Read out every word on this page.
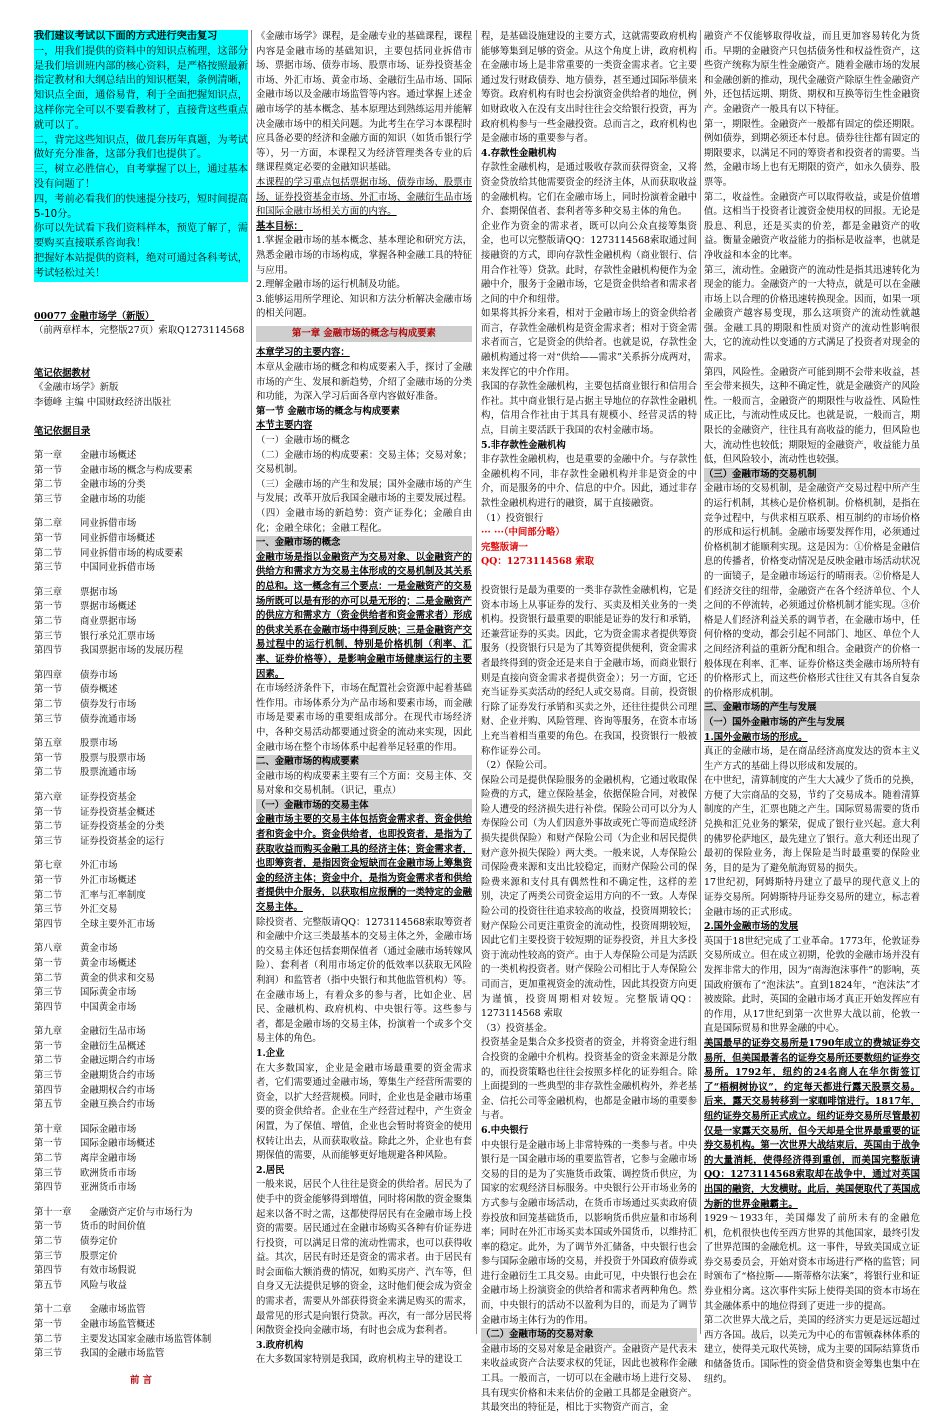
我们建议考试以下面的方式进行突击复习

一，用我们提供的资料中的知识点梳理，这部分是我们培训班内部的核心资料，是严格按照最新指定教材和大纲总结出的知识框架，条例清晰，知识点全面，通俗易背，利于全面把握知识点，这样你完全可以不要看教材了，直接背这些重点就可以了。

二，背完这些知识点，做几套历年真题，为考试做好充分准备，这部分我们也提供了。

三，树立必胜信心，自考掌握了以上，通过基本没有问题了！

四，考前必看我们的快速提分技巧，短时间提高5-10分。

你可以先试看下我们资料样本，预览了解了，需要购买直接联系咨询我！

把握好本站提供的资料，绝对可通过各科考试，考试轻松过关！

00077 金融市场学（新版）

（前两章样本，完整版27页）索取Q1273114568

笔记依据教材

《金融市场学》新版

李德峰 主编 中国财政经济出版社

笔记依据目录

第一章      金融市场概述
第一节      金融市场的概念与构成要素
第二节      金融市场的分类
第三节      金融市场的功能
第二章      同业拆借市场
第一节      同业拆借市场概述
第二节      同业拆借市场的构成要素
第三节      中国同业拆借市场
第三章      票据市场
第一节      票据市场概述
第二节      商业票据市场
第三节      银行承兑汇票市场
第四节      我国票据市场的发展历程
第四章      债券市场
第一节      债券概述
第二节      债券发行市场
第三节      债券流通市场
第五章      股票市场
第一节      股票与股票市场
第二节      股票流通市场
第六章      证券投资基金
第一节      证券投资基金概述
第二节      证券投资基金的分类
第三节      证券投资基金的运行
第七章      外汇市场
第一节      外汇市场概述
第二节      汇率与汇率制度
第三节      外汇交易
第四节      全球主要外汇市场
第八章      黄金市场
第一节      黄金市场概述
第二节      黄金的供求和交易
第三节      国际黄金市场
第四节      中国黄金市场
第九章      金融衍生品市场
第一节      金融衍生品概述
第二节      金融远期合约市场
第三节      金融期货合约市场
第四节      金融期权合约市场
第五节      金融互换合约市场
第十章      国际金融市场
第一节      国际金融市场概述
第二节      离岸金融市场
第三节      欧洲货币市场
第四节      亚洲货币市场
第十一章      金融资产定价与市场行为
第一节      货币的时间价值
第二节      债券定价
第三节      股票定价
第四节      有效市场假说
第五节      风险与收益
第十二章      金融市场监管
第一节      金融市场监管概述
第二节      主要发达国家金融市场监管体制
第三节      我国的金融市场监管
前 言

《金融市场学》课程，是金融专业的基础课程，课程内容是金融市场的基础知识，主要包括同业拆借市场、票据市场、债券市场、股票市场、证券投资基金市场、外汇市场、黄金市场、金融衍生品市场、国际金融市场以及金融市场监管等内容。通过掌握上述金融市场学的基本概念、基本原理达到熟练运用并能解决金融市场中的相关问题。为此考生在学习本课程时应具备必要的经济和金融方面的知识（如货币银行学等），另一方面，本课程又为经济管理类各专业的后继课程奠定必要的金融知识基础。

本课程的学习重点包括票据市场、债券市场、股票市场、证券投资基金市场、外汇市场、金融衍生品市场和国际金融市场相关方面的内容。

基本目标：

1.掌握金融市场的基本概念、基本理论和研究方法，熟悉金融市场的市场构成，掌握各种金融工具的特征与应用。

2.理解金融市场的运行机制及功能。

3.能够运用所学理论、知识和方法分析解决金融市场的相关问题。

第一章 金融市场的概念与构成要素

本章学习的主要内容：

本章从金融市场的概念和构成要素入手，探讨了金融市场的产生、发展和新趋势，介绍了金融市场的分类和功能，为深入学习后面各章内容做好准备。

第一节 金融市场的概念与构成要素

本节主要内容

（一）金融市场的概念

（二）金融市场的构成要素：交易主体；交易对象；交易机制。

（三）金融市场的产生和发展；国外金融市场的产生与发展；改革开放后我国金融市场的主要发展过程。

（四）金融市场的新趋势：资产证券化；金融自由化；金融全球化；金融工程化。

一、金融市场的概念

金融市场是指以金融资产为交易对象、以金融资产的供给方和需求方为交易主体形成的交易机制及其关系的总和。这一概念有三个要点：一是金融资产的交易场所既可以是有形的亦可以是无形的；二是金融资产的供应方和需求方（资金供给者和资金需求者）形成的供求关系在金融市场中得到反映；三是金融资产交易过程中的运行机制，特别是价格机制（利率、汇率、证券价格等），是影响金融市场健康运行的主要因素。

在市场经济条件下，市场在配置社会资源中起着基础性作用。市场体系分为产品市场和要素市场，而金融市场是要素市场的重要组成部分。在现代市场经济中，各种交易活动都要通过资金的流动来实现，因此金融市场在整个市场体系中起着举足轻重的作用。

二、金融市场的构成要素

金融市场的构成要素主要有三个方面：交易主体、交易对象和交易机制。（识记，重点）

（一）金融市场的交易主体

金融市场主要的交易主体包括资金需求者、资金供给者和资金中介。资金供给者，也即投资者，是指为了获取收益而购买金融工具的经济主体；资金需求者，也即筹资者，是指因资金短缺而在金融市场上筹集资金的经济主体；资金中介，是指为资金需求者和供给者提供中介服务，以获取相应报酬的一类特定的金融交易主体。

除投资者、完整版请QQ：1273114568索取筹资者和金融中介这三类最基本的交易主体之外，金融市场的交易主体还包括套期保值者（通过金融市场转嫁风险）、套利者（利用市场定价的低效率以获取无风险利润）和监管者（指中央银行和其他监管机构）等。

在金融市场上，有着众多的参与者，比如企业、居民、金融机构、政府机构、中央银行等。这些参与者，都是金融市场的交易主体，扮演着一个或多个交易主体的角色。

1.企业

在大多数国家，企业是金融市场最重要的资金需求者，它们需要通过金融市场，筹集生产经营所需要的资金，以扩大经营规模。同时，企业也是金融市场重要的资金供给者。企业在生产经营过程中，产生资金闲置，为了保值、增值，企业也会暂时将资金的使用权转让出去，从而获取收益。除此之外，企业也有套期保值的需要，从而能够更好地规避各种风险。

2.居民

一般来说，居民个人往往是资金的供给者。居民为了使手中的资金能够得到增值，同时将闲散的资金聚集起来以备不时之需，这都使得居民有在金融市场上投资的需要。居民通过在金融市场购买各种有价证券进行投资，可以满足日常的流动性需求，也可以获得收益。其次，居民有时还是资金的需求者。由于居民有时会面临大额消费的情况，如购买房产、汽车等，但自身又无法提供足够的资金，这时他们便会成为资金的需求者，需要从外部获得资金来满足购买的需求，最常见的形式是向银行贷款。再次，有一部分居民将闲散资金投向金融市场，有时也会成为套利者。

3.政府机构

在大多数国家特别是我国，政府机构主导的建设工

程，是基础设施建设的主要方式，这就需要政府机构能够筹集到足够的资金。从这个角度上讲，政府机构在金融市场上是非常重要的一类资金需求者。它主要通过发行财政债券、地方债券，甚至通过国际举债来筹资。政府机构有时也会扮演资金供给者的地位，例如财政收入在没有支出时往往会交给银行投资，再为政府机构参与一些金融投资。总而言之，政府机构也是金融市场的重要参与者。

4.存款性金融机构

存款性金融机构，是通过吸收存款而获得资金，又将资金贷放给其他需要资金的经济主体，从而获取收益的金融机构。它们在金融市场上，同时扮演着金融中介、套期保值者、套利者等多种交易主体的角色。

企业作为资金的需求者，既可以向公众直接筹集资金，也可以完整版请QQ：1273114568索取通过间接融资的方式，即向存款性金融机构（商业银行、信用合作社等）贷款。此时，存款性金融机构便作为金融中介，服务于金融市场，它是资金供给者和需求者之间的中介和纽带。

如果将其拆分来看，相对于金融市场上的资金供给者而言，存款性金融机构是资金需求者；相对于资金需求者而言，它是资金的供给者。也就是说，存款性金融机构通过将一对“供给——需求”关系拆分成两对，来发挥它的中介作用。

我国的存款性金融机构，主要包括商业银行和信用合作社。其中商业银行是占据主导地位的存款性金融机构，信用合作社由于其具有规模小、经营灵活的特点，目前主要活跃于我国的农村金融市场。

5.非存款性金融机构

非存款性金融机构，也是重要的金融中介。与存款性金融机构不同，非存款性金融机构并非是资金的中介，而是服务的中介、信息的中介。因此，通过非存款性金融机构进行的融资，属于直接融资。

（1）投资银行

··· ···（中间部分略）

完整版请一

QQ：1273114568 索取

投资银行是最为重要的一类非存款性金融机构，它是资本市场上从事证券的发行、买卖及相关业务的一类机构。投资银行最重要的职能是证券的发行和承销，还兼营证券的买卖。因此，它为资金需求者提供筹资服务（投资银行只是为了其筹资提供便利，资金需求者最终得到的资金还是来自于金融市场，而商业银行则是直接向资金需求者提供资金）；另一方面，它还充当证券买卖活动的经纪人或交易商。目前，投资银行除了证券发行承销和买卖之外，还往往提供公司理财、企业并购、风险管理、咨询等服务，在资本市场上充当着相当重要的角色。在我国，投资银行一般被称作证券公司。

（2）保险公司。

保险公司是提供保险服务的金融机构，它通过收取保险费的方式，建立保险基金，依据保险合同，对被保险人遭受的经济损失进行补偿。保险公司可以分为人寿保险公司（为人们因意外事故或死亡等而造成经济损失提供保险）和财产保险公司（为企业和居民提供财产意外损失保险）两大类。一般来说，人寿保险公司保险费来源和支出比较稳定，而财产保险公司的保险费来源和支付具有偶然性和不确定性，这样的差别，决定了两类公司资金运用方向的不一致。人寿保险公司的投资往往追求较高的收益，投资周期较长；财产保险公司更注重资金的流动性，投资周期较短，因此它们主要投资于较短期的证券投资，并且大多投资于流动性较高的资产。由于人寿保险公司是为活跃的一类机构投资者。财产保险公司相比于人寿保险公司而言，更加重视资金的流动性，因此其投资方向更为谨慎，投资周期相对较短。完整版请QQ：1273114568 索取

（3）投资基金。

投资基金是集合众多投资者的资金，并将资金进行组合投资的金融中介机构。投资基金的资金来源是分散的，而投资策略也往往会按照多样化的证券组合。除上面提到的一些典型的非存款性金融机构外，养老基金、信托公司等金融机构，也都是金融市场的重要参与者。

6.中央银行

中央银行是金融市场上非常特殊的一类参与者。中央银行是一国金融市场的重要监管者，它参与金融市场交易的目的是为了实施货币政策、调控货币供应，为国家的宏观经济目标服务。中央银行公开市场业务的方式参与金融市场活动，在货币市场通过买卖政府债券投放和回笼基础货币，以影响货币供应量和市场利率；同时在外汇市场买卖本国或外国货币，以维持汇率的稳定。此外，为了调节外汇储备，中央银行也会参与国际金融市场的交易，并投资于外国政府债券或进行金融衍生工具交易。由此可见，中央银行也会在金融市场上扮演资金的供给者和需求者两种角色。然而，中央银行的活动不以盈利为目的，而是为了调节金融市场主体行为的作用。

（二）金融市场的交易对象

金融市场的交易对象是金融资产。金融资产是代表未来收益或资产合法要求权的凭证，因此也被称作金融工具。一般而言，一切可以在金融市场上进行交易、具有现实价格和未来估价的金融工具都是金融资产。其最突出的特征是，相比于实物资产而言，金

融资产不仅能够取得收益，而且更加容易转化为货币。早期的金融资产只包括债务性和权益性资产，这些资产统称为原生性金融资产。随着金融市场的发展和金融创新的推动，现代金融资产除原生性金融资产外，还包括远期、期货、期权和互换等衍生性金融资产。金融资产一般具有以下特征。

第一，期限性。金融资产一般都有固定的偿还期限。例如债券，到期必须还本付息。债券往往都有固定的期限要求，以满足不同的筹资者和投资者的需要。当然，金融市场上也有无期限的资产，如永久债券、股票等。

第二，收益性。金融资产可以取得收益，或是价值增值。这相当于投资者让渡资金使用权的回报。无论是股息、利息，还是买卖的价差，都是金融资产的收益。衡量金融资产收益能力的指标是收益率，也就是净收益和本金的比率。

第三，流动性。金融资产的流动性是指其迅速转化为现金的能力。金融资产的一大特点，就是可以在金融市场上以合理的价格迅速转换现金。因而，如果一项金融资产越容易变现，那么这项资产的流动性就越强。金融工具的期限和性质对资产的流动性影响很大，它的流动性以变通的方式满足了投资者对现金的需求。

第四，风险性。金融资产可能到期不会带来收益，甚至会带来损失，这种不确定性，就是金融资产的风险性。一般而言，金融资产的期限性与收益性、风险性成正比，与流动性成反比。也就是说，一般而言，期限长的金融资产，往往具有高收益的能力，但风险也大，流动性也较低；期限短的金融资产，收益能力虽低，但风险较小，流动性也较强。

（三）金融市场的交易机制

金融市场的交易机制，是金融资产交易过程中所产生的运行机制，其核心是价格机制。价格机制，是指在竞争过程中，与供求相互联系、相互制约的市场价格的形成和运行机制。金融市场要发挥作用，必须通过价格机制才能顺利实现。这是因为：①价格是金融信息的传播者，价格变动情况是反映金融市场活动状况的一面镜子，是金融市场运行的晴雨表。②价格是人们经济交往的纽带，金融资产在各个经济单位、个人之间的不停流转，必须通过价格机制才能实现。③价格是人们经济利益关系的调节者，在金融市场中，任何价格的变动，都会引起不同部门、地区、单位个人之间经济利益的重新分配和组合。金融资产的价格一般体现在利率、汇率、证券价格这类金融市场所特有的价格形式上，而这些价格形式往往又有其各自复杂的价格形成机制。

三、金融市场的产生与发展

（一）国外金融市场的产生与发展

1.国外金融市场的形成。

真正的金融市场，是在商品经济高度发达的资本主义生产方式的基础上得以形成和发展的。

在中世纪，清算制度的产生大大减少了货币的兑换，方便了大宗商品的交易，节约了交易成本。随着清算制度的产生，汇票也随之产生。国际贸易需要的货币兑换和汇兑业务的繁荣，促成了银行业兴起。意大利的佛罗伦萨地区，最先建立了银行。意大利还出现了最初的保险业务，海上保险是当时最重要的保险业务，目的是为了避免航海贸易的损失。

17世纪初，阿姆斯特丹建立了最早的现代意义上的证券交易所。阿姆斯特丹证券交易所的建立，标志着金融市场的正式形成。

2.国外金融市场的发展

英国于18世纪完成了工业革命。1773年，伦敦证券交易所成立。但在成立初期，伦敦的金融市场并没有发挥非常大的作用，因为“南海泡沫事件”的影响，英国政府颁布了“泡沫法”。直到1824年，“泡沫法”才被废除。此时，英国的金融市场才真正开始发挥应有的作用，从17世纪到第一次世界大战以前，伦敦一直是国际贸易和世界金融的中心。

美国最早的证券交易所是1790年成立的费城证券交易所，但美国最著名的证券交易所还要数纽约证券交易所。1792年，纽约的24名商人在华尔街签订了“梧桐树协议”，约定每天都进行露天股票交易。后来，露天交易转移到一家咖啡馆进行。1817年，纽约证券交易所正式成立。纽约证券交易所尽管最初仅是一家露天交易所，但今天却是全世界最重要的证券交易机构。第一次世界大战结束后，英国由于战争的大量消耗，使得经济得到重创，而美国完整版请QQ：1273114568索取却在战争中，通过对英国出国的融资，大发横财。此后，美国便取代了英国成为新的世界金融霸主。

1929～1933年，美国爆发了前所未有的金融危机，危机很快也传至西方世界的其他国家，最终引发了世界范围的金融危机。这一事件，导致美国成立证券交易委员会，开始对资本市场进行严格的监管；同时颁布了“格拉斯——斯蒂格尔法案”，将银行业和证券业相分离。这次事件实际上使得美国的资本市场在其金融体系中的地位得到了更进一步的提高。

第二次世界大战之后，美国的经济实力更是远远超过西方各国。战后，以美元为中心的布雷顿森林体系的建立，使得美元取代英镑，成为主要的国际结算货币和储备货币。国际性的资金借贷和资金筹集也集中在纽约。
